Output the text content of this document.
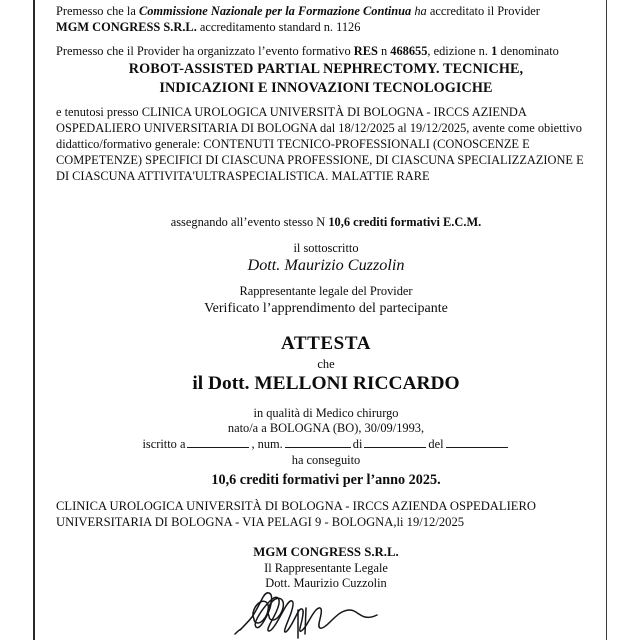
Premesso che la Commissione Nazionale per la Formazione Continua ha accreditato il Provider
MGM CONGRESS S.R.L. accreditamento standard n. 1126
Premesso che il Provider ha organizzato l’evento formativo RES n 468655, edizione n. 1 denominato
ROBOT-ASSISTED PARTIAL NEPHRECTOMY. TECNICHE,
INDICAZIONI E INNOVAZIONI TECNOLOGICHE
e tenutosi presso CLINICA UROLOGICA UNIVERSITÀ DI BOLOGNA - IRCCS AZIENDA OSPEDALIERO UNIVERSITARIA DI BOLOGNA dal 18/12/2025 al 19/12/2025, avente come obiettivo didattico/formativo generale: CONTENUTI TECNICO-PROFESSIONALI (CONOSCENZE E COMPETENZE) SPECIFICI DI CIASCUNA PROFESSIONE, DI CIASCUNA SPECIALIZZAZIONE E DI CIASCUNA ATTIVITA'ULTRASPECIALISTICA. MALATTIE RARE
assegnando all’evento stesso N 10,6 crediti formativi E.C.M.
il sottoscritto
Dott. Maurizio Cuzzolin
Rappresentante legale del Provider
Verificato l’apprendimento del partecipante
ATTESTA
che
il Dott. MELLONI RICCARDO
in qualità di Medico chirurgo
nato/a a BOLOGNA (BO), 30/09/1993,
iscritto a	, num.	di	del
ha conseguito
10,6 crediti formativi per l’anno 2025.
CLINICA UROLOGICA UNIVERSITÀ DI BOLOGNA - IRCCS AZIENDA OSPEDALIERO
UNIVERSITARIA DI BOLOGNA - VIA PELAGI 9 - BOLOGNA,li 19/12/2025
MGM CONGRESS S.R.L.
Il Rappresentante Legale
Dott. Maurizio Cuzzolin
